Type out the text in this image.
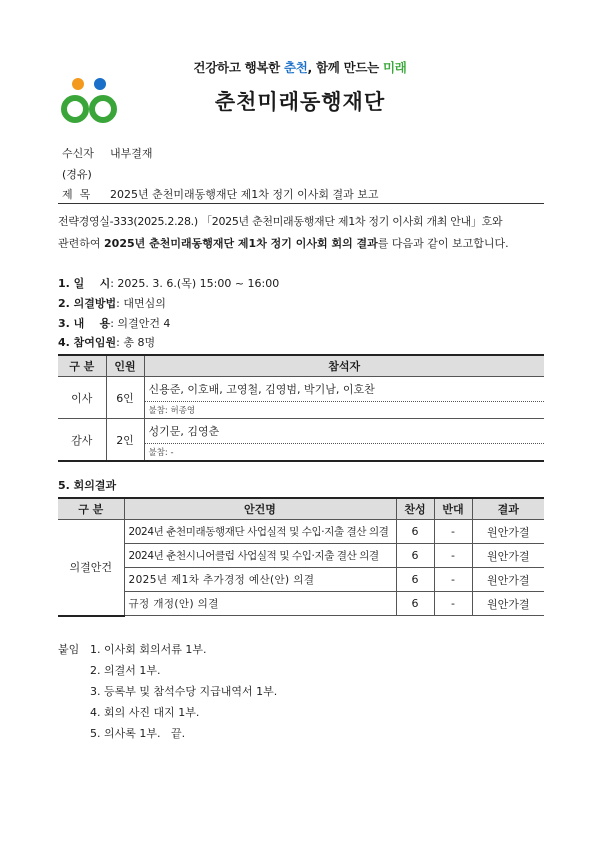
건강하고 행복한 춘천, 함께 만드는 미래
춘천미래동행재단
수신자 내부결재
(경유)
제  목 2025년 춘천미래동행재단 제1차 정기 이사회 결과 보고
전략경영실-333(2025.2.28.) 「2025년 춘천미래동행재단 제1차 정기 이사회 개최 안내」호와
관련하여 2025년 춘천미래동행재단 제1차 정기 이사회 회의 결과를 다음과 같이 보고합니다.
1. 일    시: 2025. 3. 6.(목) 15:00 ~ 16:00
2. 의결방법: 대면심의
3. 내    용: 의결안건 4
4. 참여임원: 총 8명
구 분	인원	참석자
이사	6인	신용준, 이호배, 고영철, 김영범, 박기남, 이호찬
		불참: 허종영
감사	2인	성기문, 김영춘
		불참: -
5. 회의결과
구 분	안건명	찬성	반대	결과
의결안건	2024년 춘천미래동행재단 사업실적 및 수입·지출 결산 의결	6	-	원안가결
	2024년 춘천시니어클럽 사업실적 및 수입·지출 결산 의결	6	-	원안가결
	2025년 제1차 추가경정 예산(안) 의결	6	-	원안가결
	규정 개정(안) 의결	6	-	원안가결
붙임 1. 이사회 회의서류 1부.
2. 의결서 1부.
3. 등록부 및 참석수당 지급내역서 1부.
4. 회의 사진 대지 1부.
5. 의사록 1부.   끝.
